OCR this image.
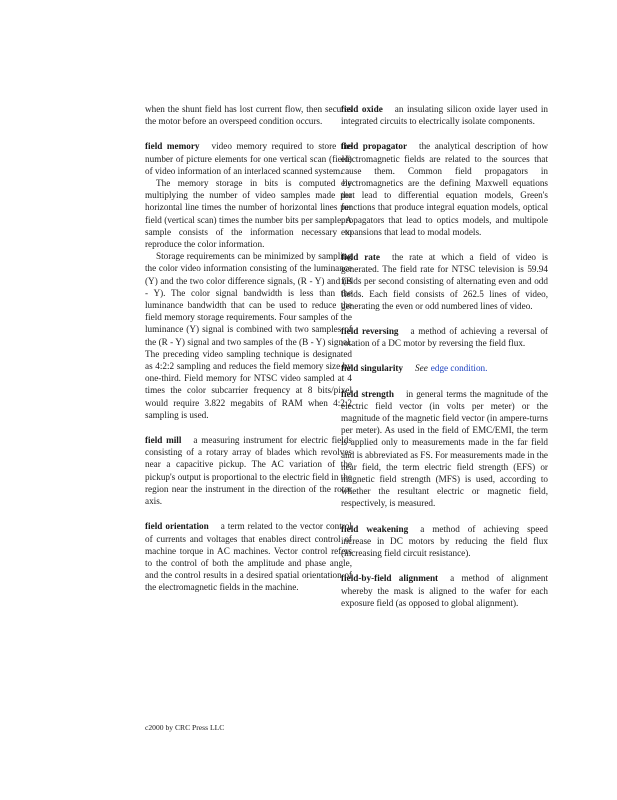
when the shunt field has lost current flow, then secures the motor before an overspeed condition occurs.

field memory video memory required to store the number of picture elements for one vertical scan (field) of video information of an interlaced scanned system.

The memory storage in bits is computed by multiplying the number of video samples made per horizontal line times the number of horizontal lines per field (vertical scan) times the number bits per sample. A sample consists of the information necessary to reproduce the color information.

Storage requirements can be minimized by sampling the color video information consisting of the luminance (Y) and the two color difference signals, (R - Y) and (B - Y). The color signal bandwidth is less than the luminance bandwidth that can be used to reduce the field memory storage requirements. Four samples of the luminance (Y) signal is combined with two samples of the (R - Y) signal and two samples of the (B - Y) signal. The preceding video sampling technique is designated as 4:2:2 sampling and reduces the field memory size by one-third. Field memory for NTSC video sampled at 4 times the color subcarrier frequency at 8 bits/pixel would require 3.822 megabits of RAM when 4:2:2 sampling is used.

field mill a measuring instrument for electric fields consisting of a rotary array of blades which revolves near a capacitive pickup. The AC variation of the pickup's output is proportional to the electric field in the region near the instrument in the direction of the rotor axis.

field orientation a term related to the vector control of currents and voltages that enables direct control of machine torque in AC machines. Vector control refers to the control of both the amplitude and phase angle, and the control results in a desired spatial orientation of the electromagnetic fields in the machine.

field oxide an insulating silicon oxide layer used in integrated circuits to electrically isolate components.

field propagator the analytical description of how electromagnetic fields are related to the sources that cause them. Common field propagators in electromagnetics are the defining Maxwell equations that lead to differential equation models, Green's functions that produce integral equation models, optical propagators that lead to optics models, and multipole expansions that lead to modal models.

field rate the rate at which a field of video is generated. The field rate for NTSC television is 59.94 fields per second consisting of alternating even and odd fields. Each field consists of 262.5 lines of video, generating the even or odd numbered lines of video.

field reversing a method of achieving a reversal of rotation of a DC motor by reversing the field flux.

field singularity See edge condition.

field strength in general terms the magnitude of the electric field vector (in volts per meter) or the magnitude of the magnetic field vector (in ampere-turns per meter). As used in the field of EMC/EMI, the term is applied only to measurements made in the far field and is abbreviated as FS. For measurements made in the near field, the term electric field strength (EFS) or magnetic field strength (MFS) is used, according to whether the resultant electric or magnetic field, respectively, is measured.

field weakening a method of achieving speed increase in DC motors by reducing the field flux (increasing field circuit resistance).

field-by-field alignment a method of alignment whereby the mask is aligned to the wafer for each exposure field (as opposed to global alignment).

c2000 by CRC Press LLC
